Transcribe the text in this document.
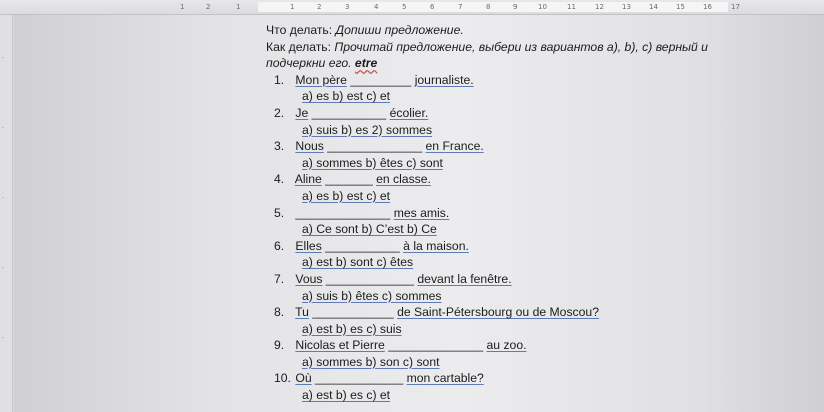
1	2	1	1	2	3	4	5	6	7	8	9	10	11	12	13	14	15	16	17
·
·
·
·
·
Что делать: Допиши предложение.
Как делать: Прочитай предложение, выбери из вариантов а), b), c) верный и
подчеркни его. etre
1. Mon père _________ journaliste.
a) es b) est c) et
2. Je ___________ écolier.
a) suis b) es 2) sommes
3. Nous ______________ en France.
a) sommes b) êtes c) sont
4. Aline _______ en classe.
a) es b) est c) et
5. ______________ mes amis.
a) Ce sont b) C’est b) Ce
6. Elles ___________ à la maison.
a) est b) sont c) êtes
7. Vous _____________ devant la fenêtre.
a) suis b) êtes c) sommes
8. Tu ____________ de Saint-Pétersbourg ou de Moscou?
a) est b) es c) suis
9. Nicolas et Pierre ______________ au zoo.
a) sommes b) son c) sont
10. Où _____________ mon cartable?
a) est b) es c) et
